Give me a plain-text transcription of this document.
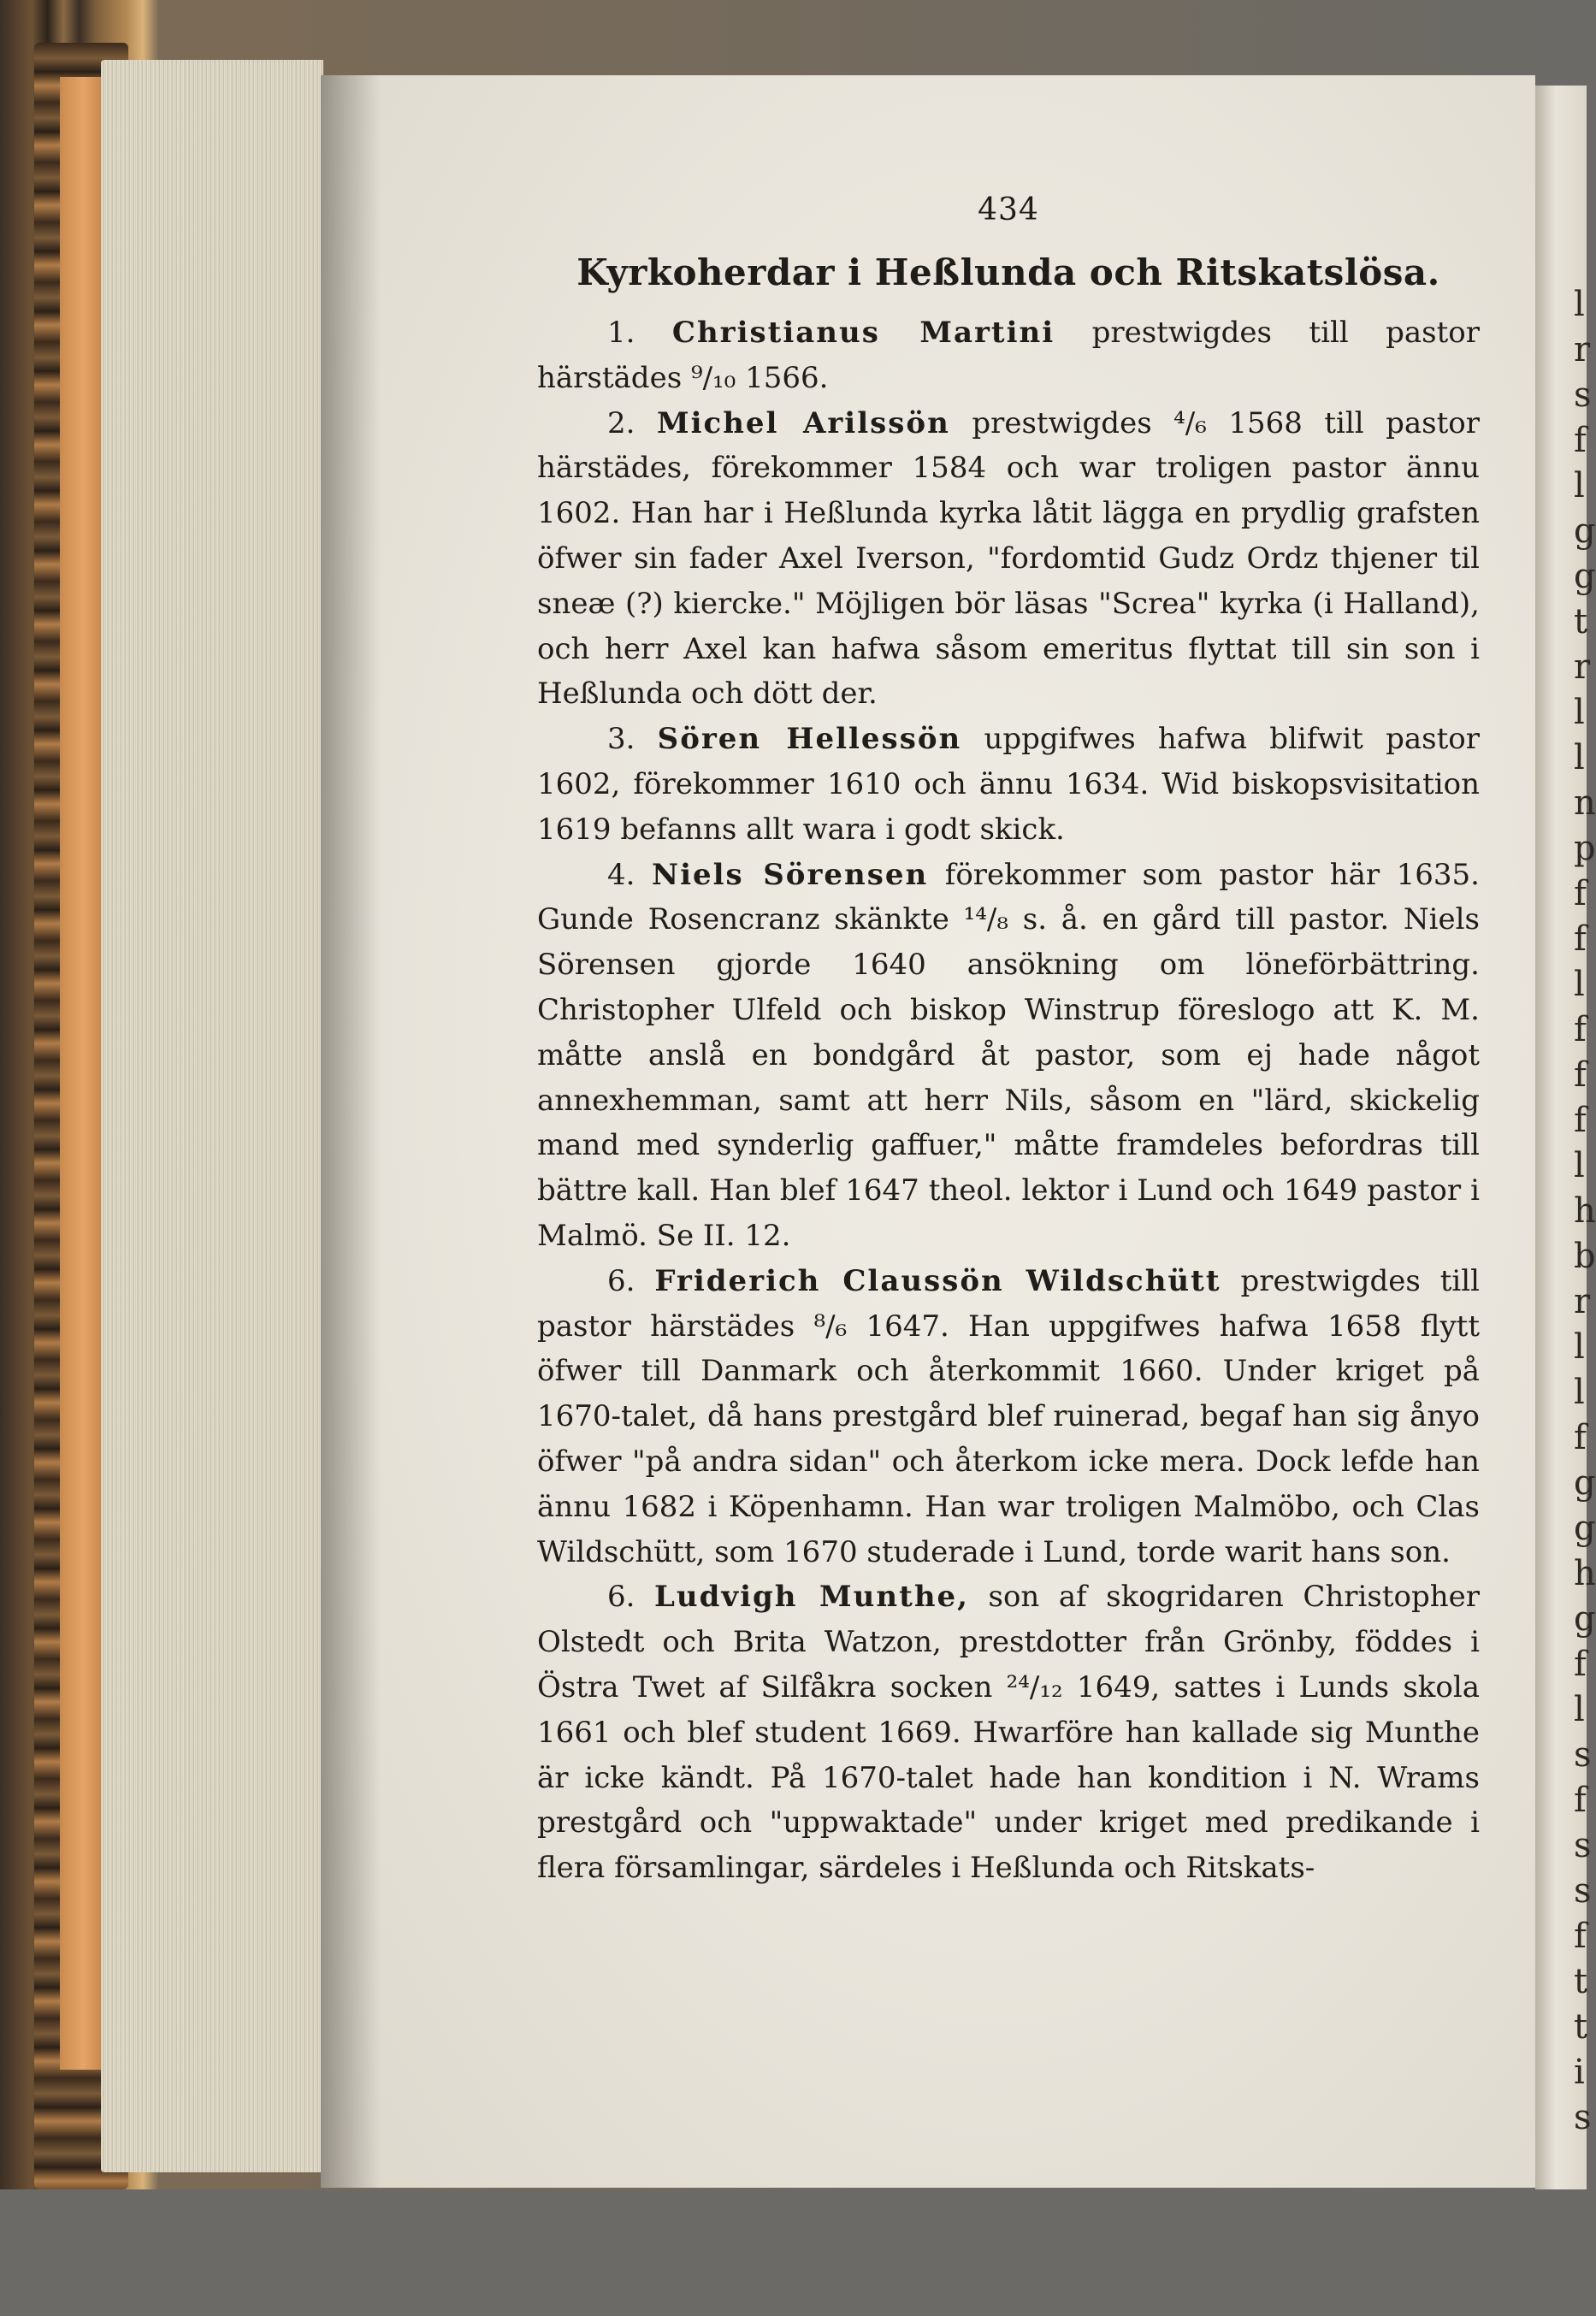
l
r
s
f
l
g
g
t
r
l
l
n
p
f
f
l
f
f
f
l
h
b
r
l
l
f
g
g
h
g
f
l
s
f
s
s
f
t
t
i
s
434
Kyrkoherdar i Heßlunda och Ritskatslösa.

1. Christianus Martini prestwigdes till pastor härstädes ⁹/₁₀ 1566.

2. Michel Arilssön prestwigdes ⁴/₆ 1568 till pastor härstädes, förekommer 1584 och war troligen pastor ännu 1602. Han har i Heßlunda kyrka låtit lägga en prydlig grafsten öfwer sin fader Axel Iverson, "fordomtid Gudz Ordz thjener til sneæ (?) kiercke." Möjligen bör läsas "Screa" kyrka (i Halland), och herr Axel kan hafwa såsom emeritus flyttat till sin son i Heßlunda och dött der.

3. Sören Hellessön uppgifwes hafwa blifwit pastor 1602, förekommer 1610 och ännu 1634. Wid biskopsvisitation 1619 befanns allt wara i godt skick.

4. Niels Sörensen förekommer som pastor här 1635. Gunde Rosencranz skänkte ¹⁴/₈ s. å. en gård till pastor. Niels Sörensen gjorde 1640 ansökning om löneförbättring. Christopher Ulfeld och biskop Winstrup föreslogo att K. M. måtte anslå en bondgård åt pastor, som ej hade något annexhemman, samt att herr Nils, såsom en "lärd, skickelig mand med synderlig gaffuer," måtte framdeles befordras till bättre kall. Han blef 1647 theol. lektor i Lund och 1649 pastor i Malmö. Se II. 12.

6. Friderich Claussön Wildschütt prestwigdes till pastor härstädes ⁸/₆ 1647. Han uppgifwes hafwa 1658 flytt öfwer till Danmark och återkommit 1660. Under kriget på 1670-talet, då hans prestgård blef ruinerad, begaf han sig ånyo öfwer "på andra sidan" och återkom icke mera. Dock lefde han ännu 1682 i Köpenhamn. Han war troligen Malmöbo, och Clas Wildschütt, som 1670 studerade i Lund, torde warit hans son.

6. Ludvigh Munthe, son af skogridaren Christopher Olstedt och Brita Watzon, prestdotter från Grönby, föddes i Östra Twet af Silfåkra socken ²⁴/₁₂ 1649, sattes i Lunds skola 1661 och blef student 1669. Hwarföre han kallade sig Munthe är icke kändt. På 1670-talet hade han kondition i N. Wrams prestgård och "uppwaktade" under kriget med predikande i flera församlingar, särdeles i Heßlunda och Ritskats-
